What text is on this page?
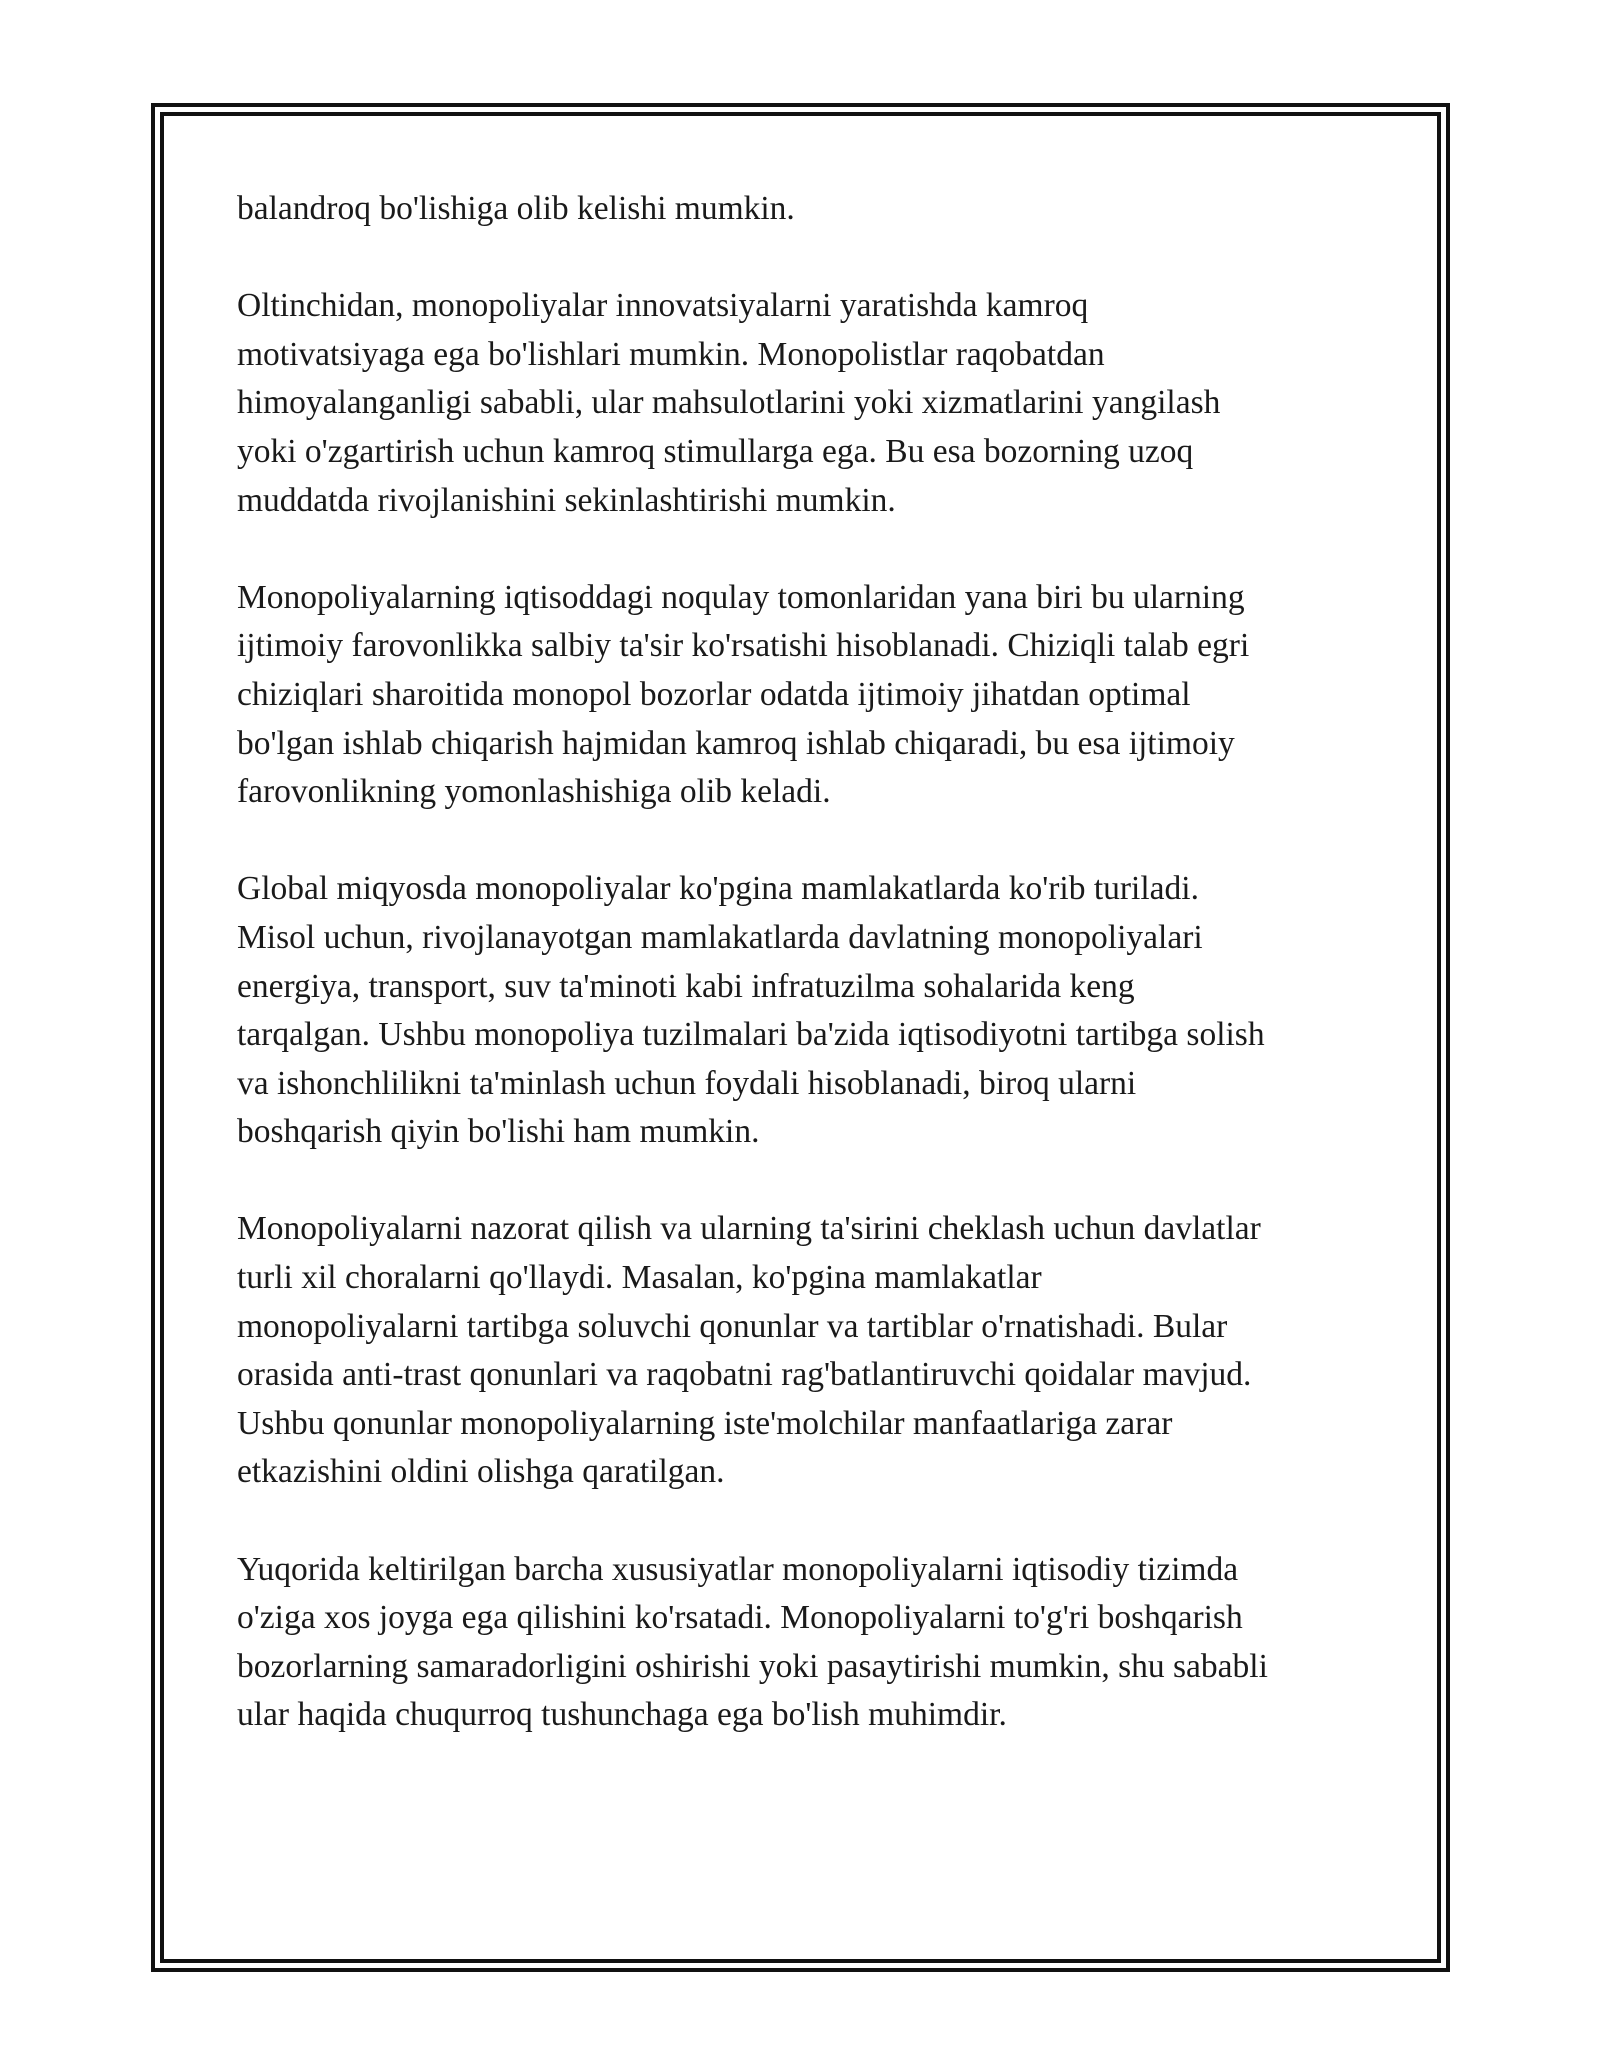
balandroq bo'lishiga olib kelishi mumkin.

Oltinchidan, monopoliyalar innovatsiyalarni yaratishda kamroq
motivatsiyaga ega bo'lishlari mumkin. Monopolistlar raqobatdan
himoyalanganligi sababli, ular mahsulotlarini yoki xizmatlarini yangilash
yoki o'zgartirish uchun kamroq stimullarga ega. Bu esa bozorning uzoq
muddatda rivojlanishini sekinlashtirishi mumkin.

Monopoliyalarning iqtisoddagi noqulay tomonlaridan yana biri bu ularning
ijtimoiy farovonlikka salbiy ta'sir ko'rsatishi hisoblanadi. Chiziqli talab egri
chiziqlari sharoitida monopol bozorlar odatda ijtimoiy jihatdan optimal
bo'lgan ishlab chiqarish hajmidan kamroq ishlab chiqaradi, bu esa ijtimoiy
farovonlikning yomonlashishiga olib keladi.

Global miqyosda monopoliyalar ko'pgina mamlakatlarda ko'rib turiladi.
Misol uchun, rivojlanayotgan mamlakatlarda davlatning monopoliyalari
energiya, transport, suv ta'minoti kabi infratuzilma sohalarida keng
tarqalgan. Ushbu monopoliya tuzilmalari ba'zida iqtisodiyotni tartibga solish
va ishonchlilikni ta'minlash uchun foydali hisoblanadi, biroq ularni
boshqarish qiyin bo'lishi ham mumkin.

Monopoliyalarni nazorat qilish va ularning ta'sirini cheklash uchun davlatlar
turli xil choralarni qo'llaydi. Masalan, ko'pgina mamlakatlar
monopoliyalarni tartibga soluvchi qonunlar va tartiblar o'rnatishadi. Bular
orasida anti-trast qonunlari va raqobatni rag'batlantiruvchi qoidalar mavjud.
Ushbu qonunlar monopoliyalarning iste'molchilar manfaatlariga zarar
etkazishini oldini olishga qaratilgan.

Yuqorida keltirilgan barcha xususiyatlar monopoliyalarni iqtisodiy tizimda
o'ziga xos joyga ega qilishini ko'rsatadi. Monopoliyalarni to'g'ri boshqarish
bozorlarning samaradorligini oshirishi yoki pasaytirishi mumkin, shu sababli
ular haqida chuqurroq tushunchaga ega bo'lish muhimdir.
